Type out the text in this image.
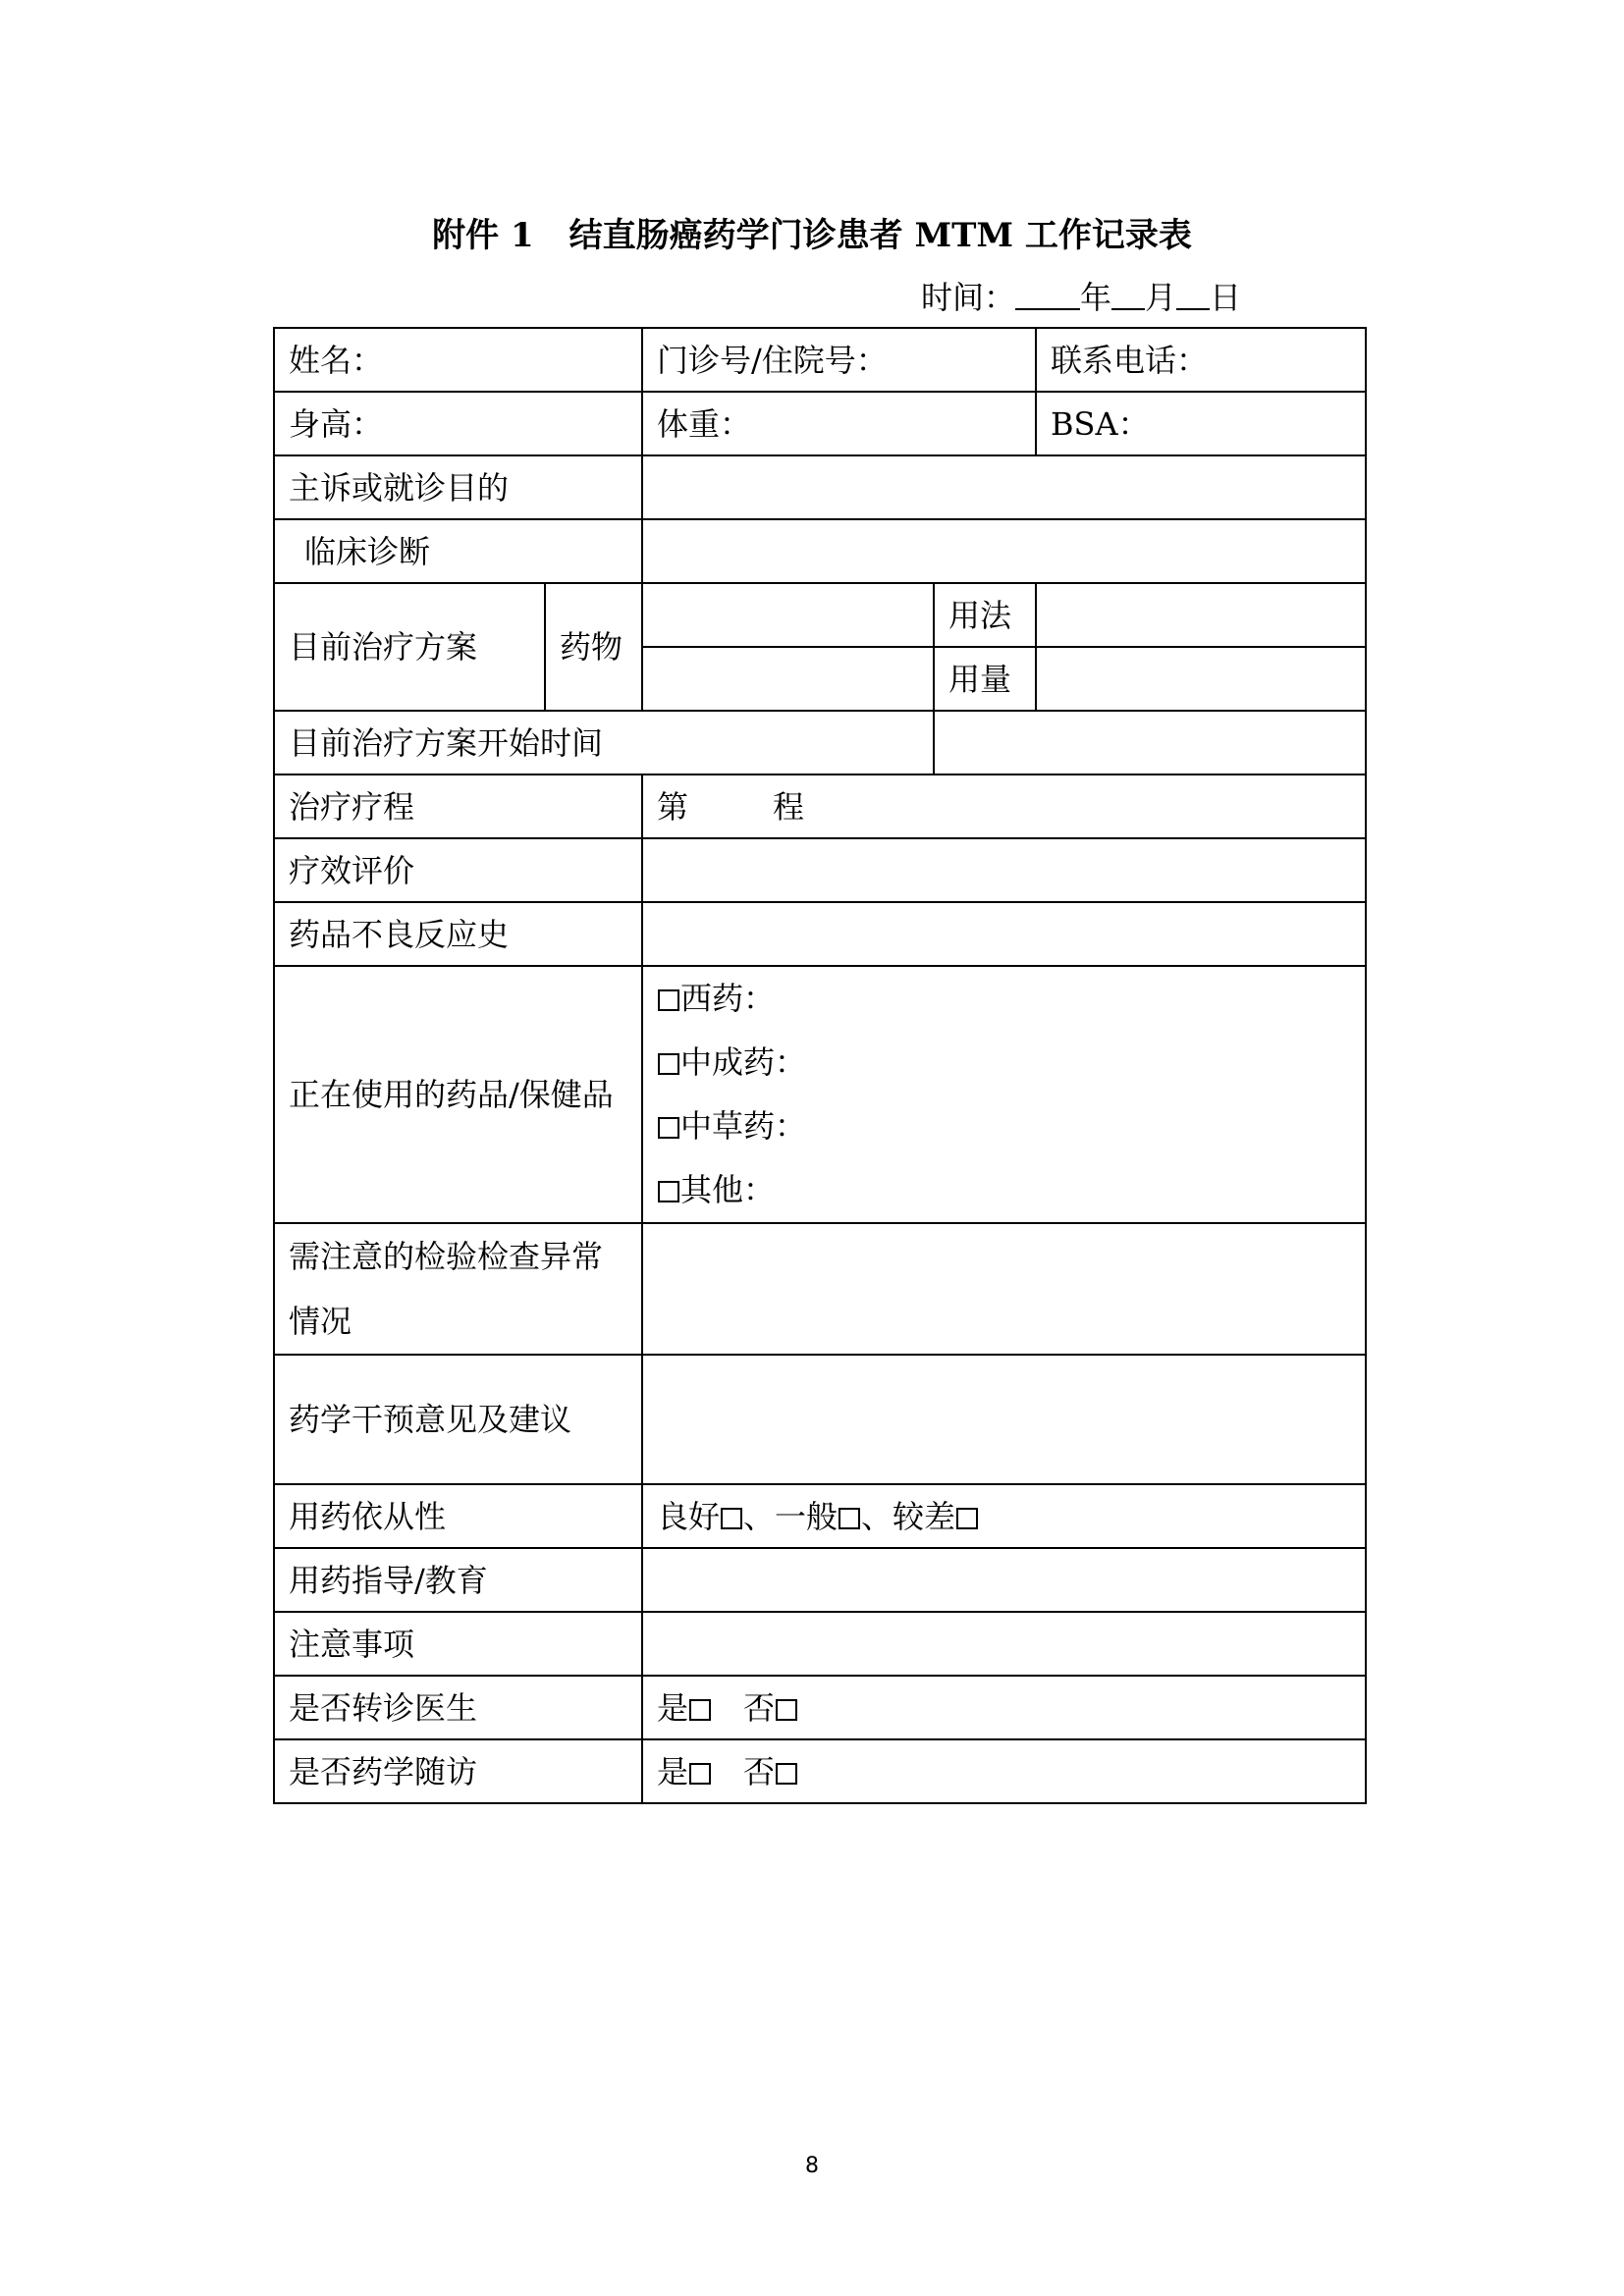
附件 1 结直肠癌药学门诊患者 MTM 工作记录表
时间： 年 月 日
姓名：		门诊号/住院号：		联系电话：
身高：		体重：		BSA：
主诉或就诊目的				
临床诊断				
目前治疗方案	药物		用法	
			用量	
目前治疗方案开始时间				
治疗疗程		第 程		
疗效评价				
药品不良反应史				
正在使用的药品/保健品		西药：
中成药：
中草药：
其他：		

需注意的检验检查异常情况				
药学干预意见及建议				
用药依从性		良好 、一般 、较差		
用药指导/教育				
注意事项				
是否转诊医生		是 否		
是否药学随访		是 否		
8
